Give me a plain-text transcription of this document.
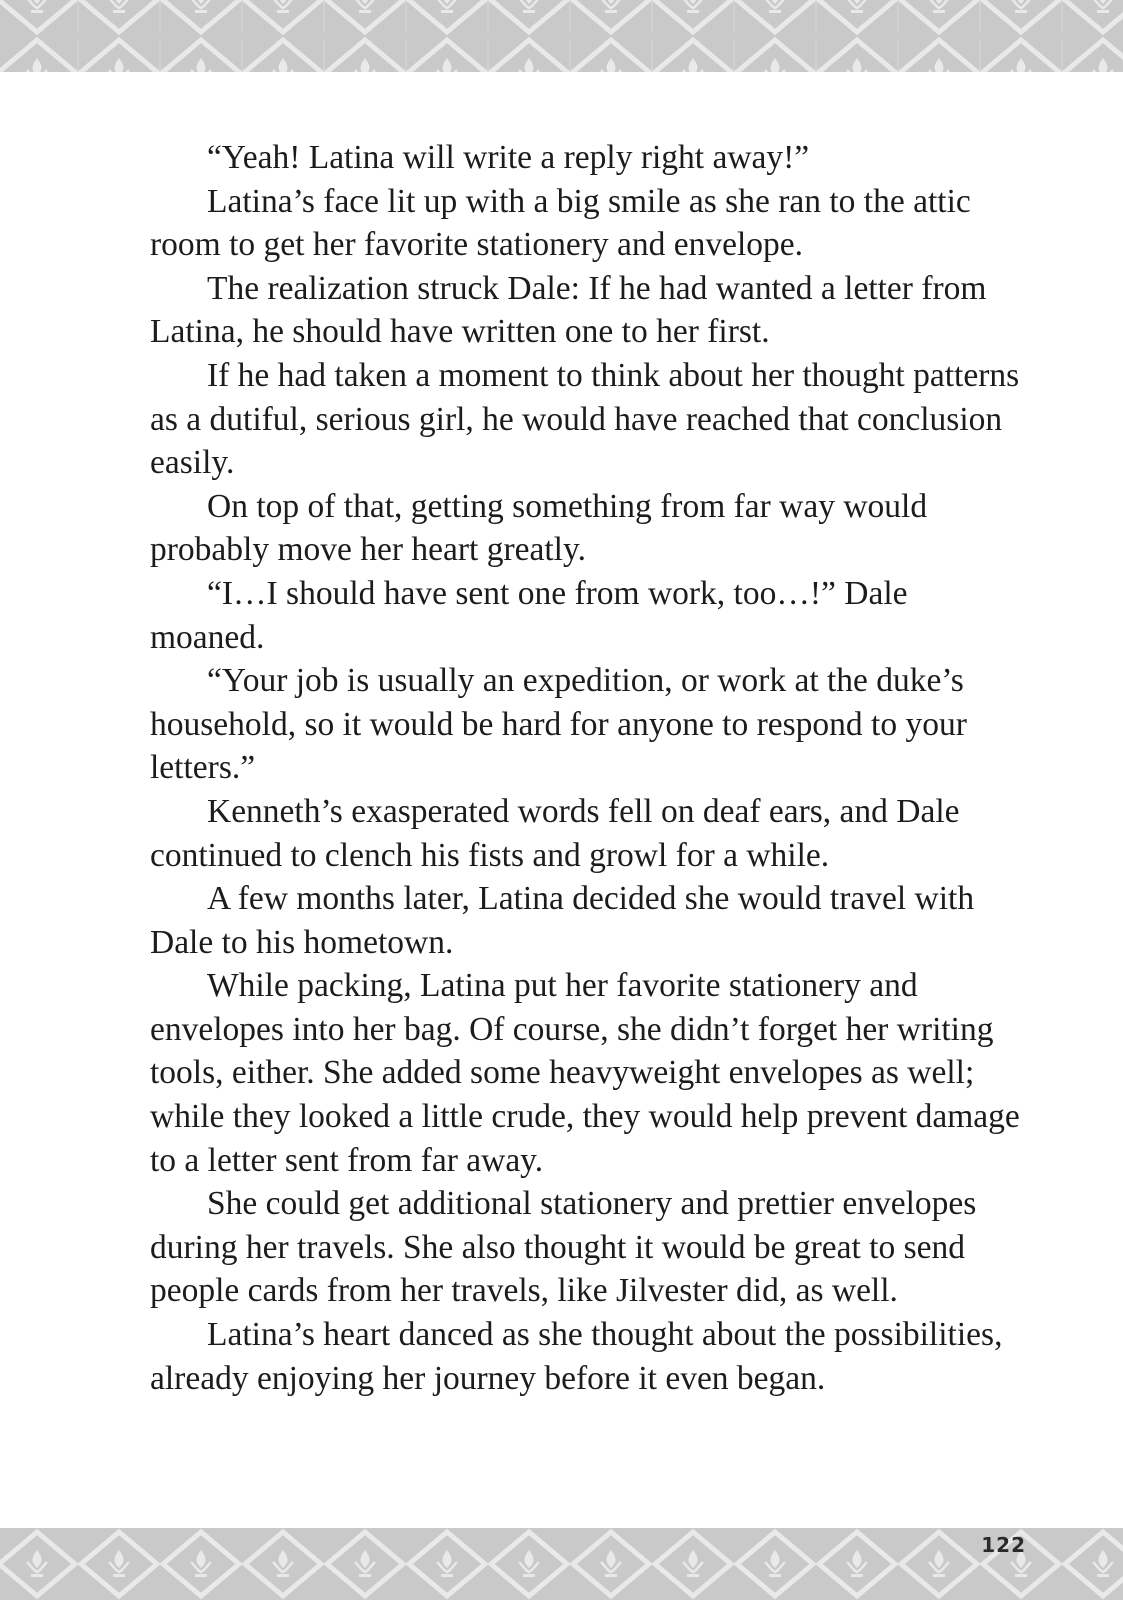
“Yeah! Latina will write a reply right away!”

Latina’s face lit up with a big smile as she ran to the attic room to get her favorite stationery and envelope.

The realization struck Dale: If he had wanted a letter from Latina, he should have written one to her first.

If he had taken a moment to think about her thought patterns as a dutiful, serious girl, he would have reached that conclusion easily.

On top of that, getting something from far way would probably move her heart greatly.

“I…I should have sent one from work, too…!” Dale moaned.

“Your job is usually an expedition, or work at the duke’s household, so it would be hard for anyone to respond to your letters.”

Kenneth’s exasperated words fell on deaf ears, and Dale continued to clench his fists and growl for a while.

A few months later, Latina decided she would travel with Dale to his hometown.

While packing, Latina put her favorite stationery and envelopes into her bag. Of course, she didn’t forget her writing tools, either. She added some heavyweight envelopes as well; while they looked a little crude, they would help prevent damage to a letter sent from far away.

She could get additional stationery and prettier envelopes during her travels. She also thought it would be great to send people cards from her travels, like Jilvester did, as well.

Latina’s heart danced as she thought about the possibilities, already enjoying her journey before it even began.

122
